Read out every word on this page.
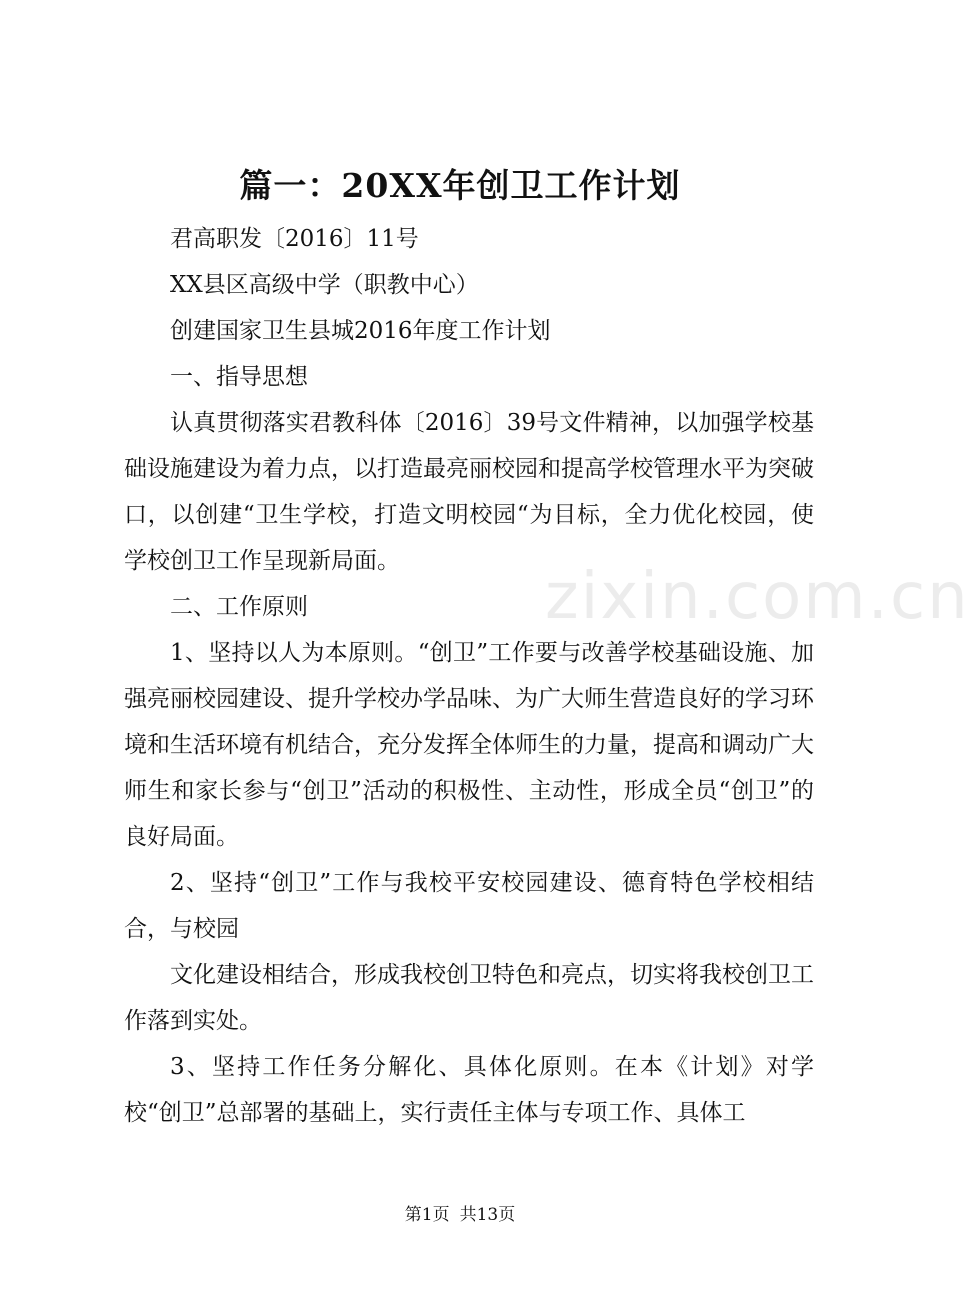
篇一：20XX年创卫工作计划

君高职发〔2016〕11号

XX县区高级中学（职教中心）

创建国家卫生县城2016年度工作计划

一、指导思想

认真贯彻落实君教科体〔2016〕39号文件精神，以加强学校基础设施建设为着力点，以打造最亮丽校园和提高学校管理水平为突破口，以创建“卫生学校，打造文明校园“为目标，全力优化校园，使学校创卫工作呈现新局面。

二、工作原则

1、坚持以人为本原则。“创卫”工作要与改善学校基础设施、加强亮丽校园建设、提升学校办学品味、为广大师生营造良好的学习环境和生活环境有机结合，充分发挥全体师生的力量，提高和调动广大师生和家长参与“创卫”活动的积极性、主动性，形成全员“创卫”的良好局面。

2、坚持“创卫”工作与我校平安校园建设、德育特色学校相结合，与校园

文化建设相结合，形成我校创卫特色和亮点，切实将我校创卫工作落到实处。

3、坚持工作任务分解化、具体化原则。在本《计划》对学校“创卫”总部署的基础上，实行责任主体与专项工作、具体工

zixin.com.cn
第1页 共13页
